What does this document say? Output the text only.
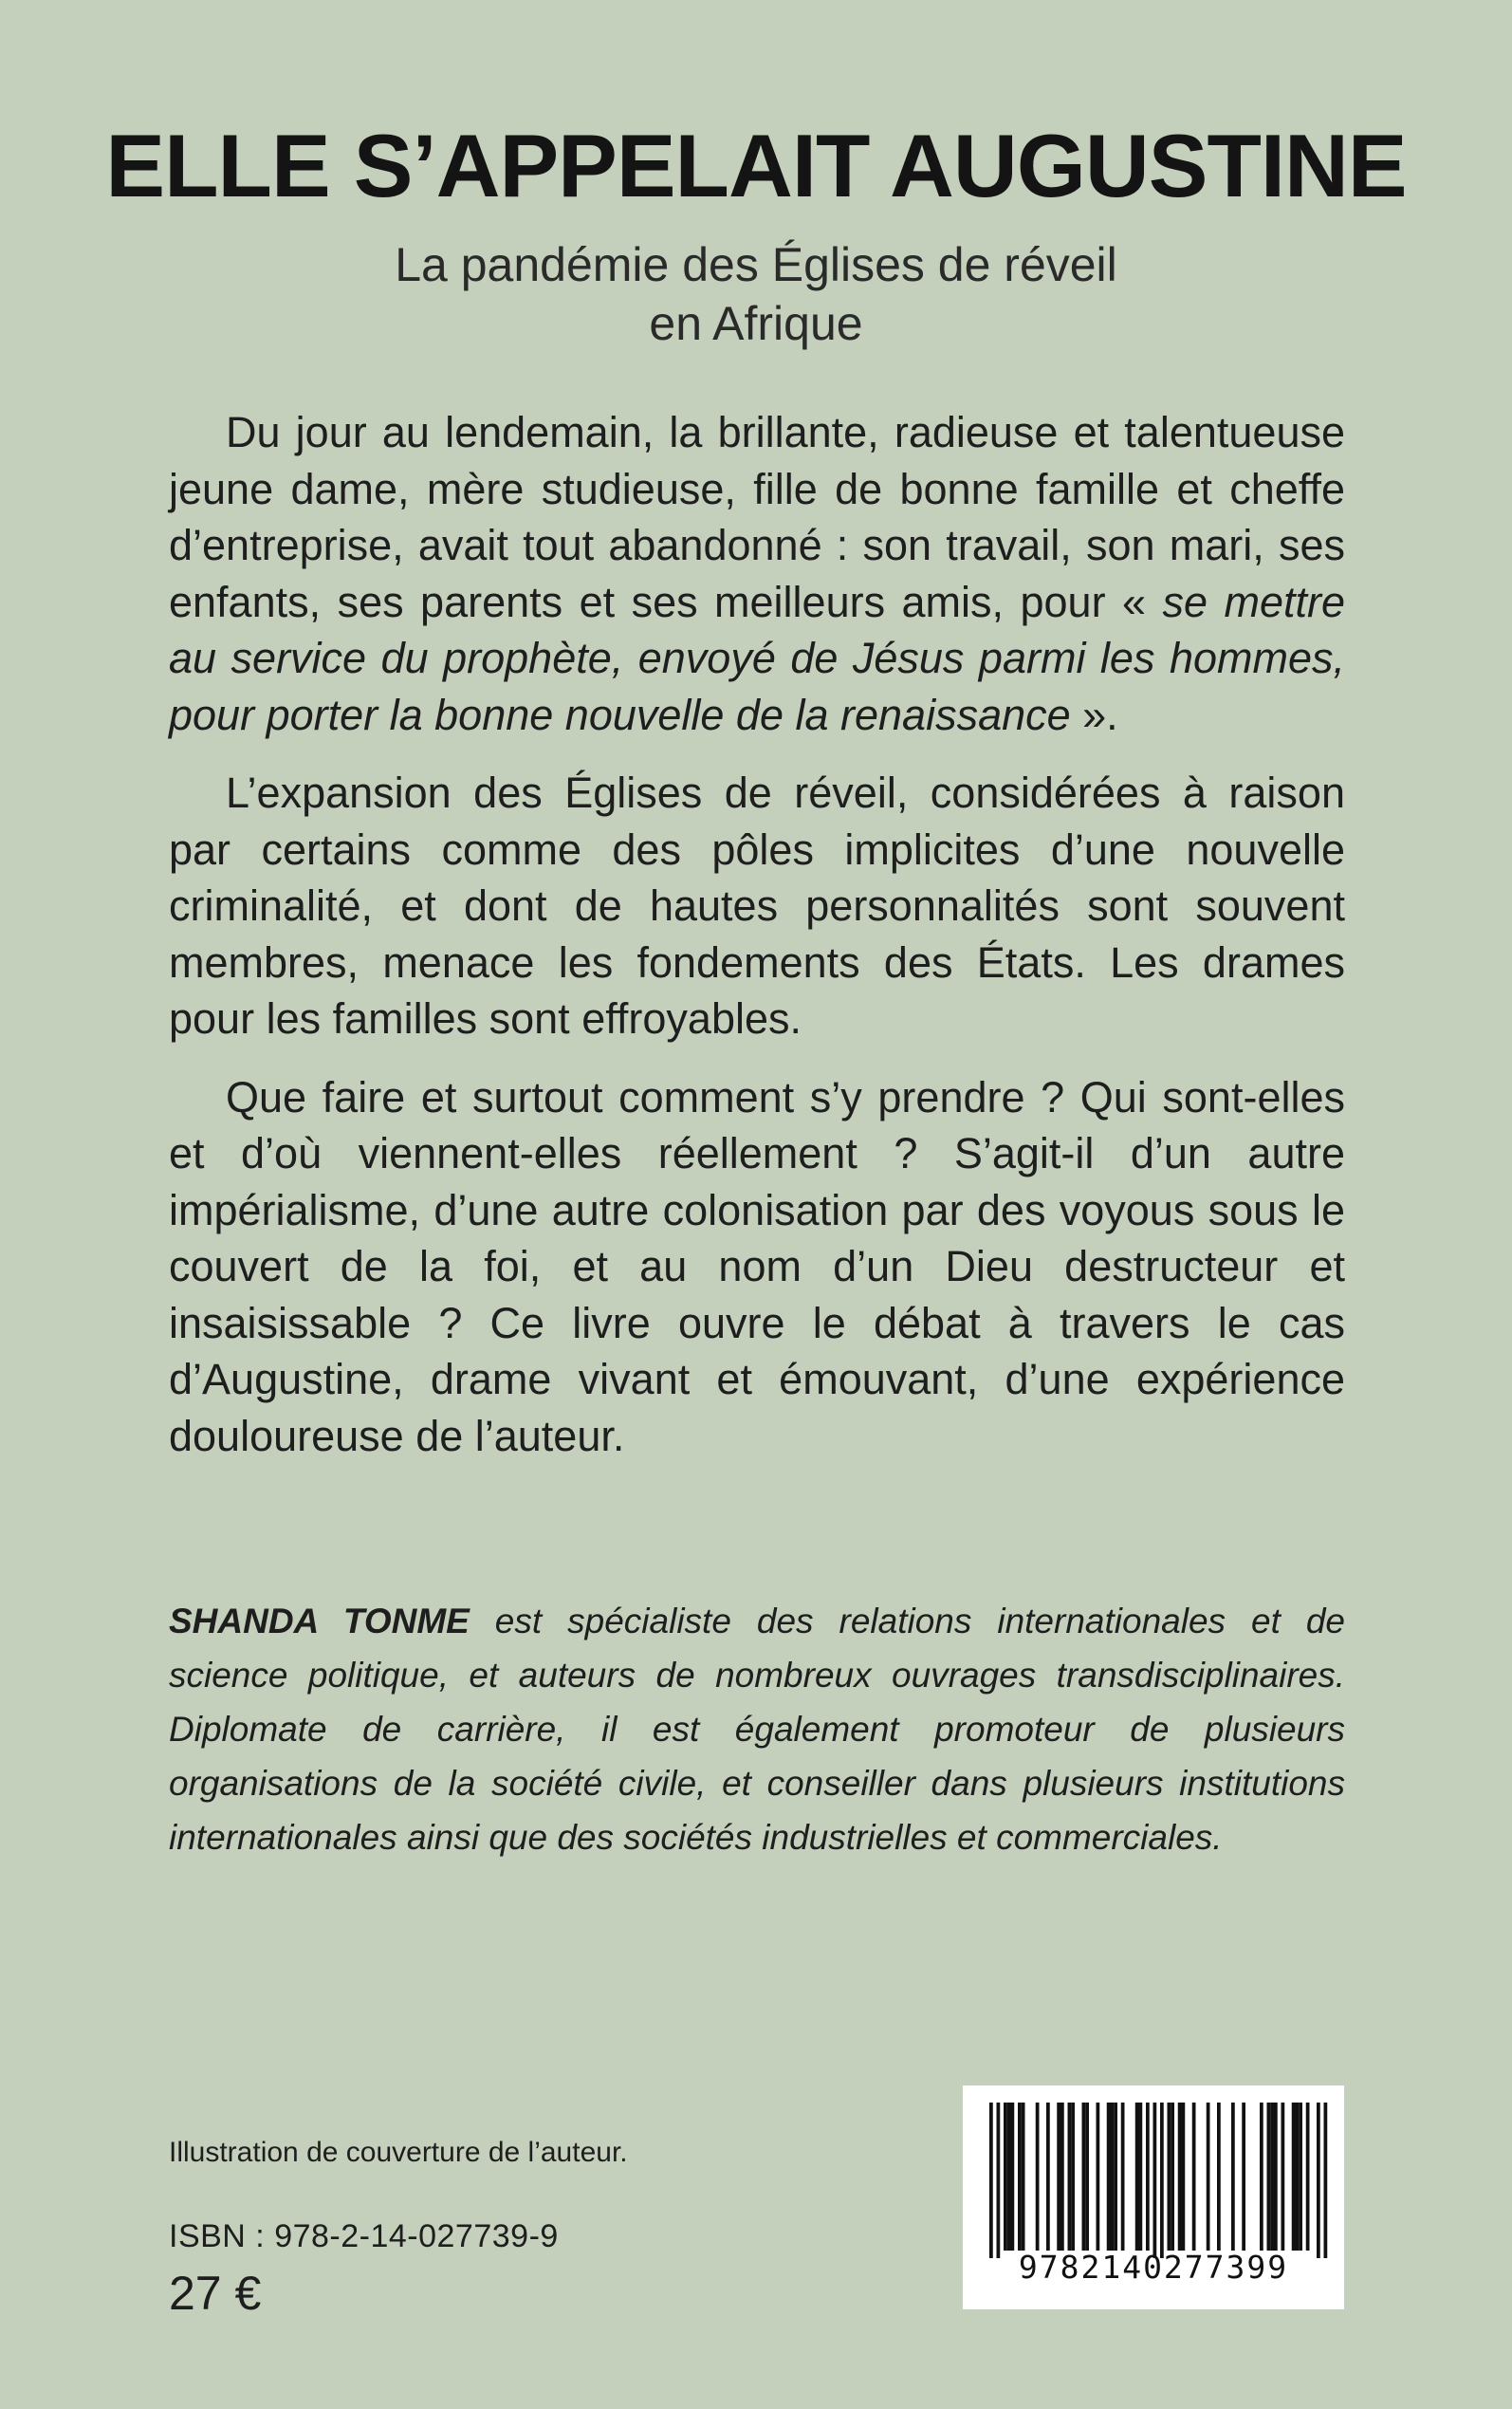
ELLE S’APPELAIT AUGUSTINE
La pandémie des Églises de réveil
en Afrique

Du jour au lendemain, la brillante, radieuse et talentueuse jeune dame, mère studieuse, fille de bonne famille et cheffe d’entreprise, avait tout abandonné : son travail, son mari, ses enfants, ses parents et ses meilleurs amis, pour « se mettre au service du prophète, envoyé de Jésus parmi les hommes, pour porter la bonne nouvelle de la renaissance ».

L’expansion des Églises de réveil, considérées à raison par certains comme des pôles implicites d’une nouvelle criminalité, et dont de hautes personnalités sont souvent membres, menace les fondements des États. Les drames pour les familles sont effroyables.

Que faire et surtout comment s’y prendre ? Qui sont-elles et d’où viennent-elles réellement ? S’agit-il d’un autre impérialisme, d’une autre colonisation par des voyous sous le couvert de la foi, et au nom d’un Dieu destructeur et insaisissable ? Ce livre ouvre le débat à travers le cas d’Augustine, drame vivant et émouvant, d’une expérience douloureuse de l’auteur.

SHANDA TONME est spécialiste des relations internationales et de science politique, et auteurs de nombreux ouvrages transdisciplinaires. Diplomate de carrière, il est également promoteur de plusieurs organisations de la société civile, et conseiller dans plusieurs institutions internationales ainsi que des sociétés industrielles et commerciales.
Illustration de couverture de l’auteur.
ISBN : 978-2-14-027739-9
27 €	9782140277399
